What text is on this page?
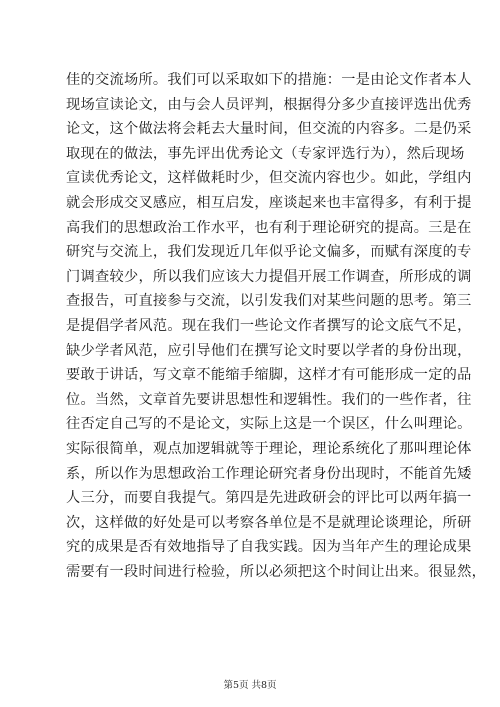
佳的交流场所。我们可以采取如下的措施：一是由论文作者本人
现场宣读论文，由与会人员评判，根据得分多少直接评选出优秀
论文，这个做法将会耗去大量时间，但交流的内容多。二是仍采
取现在的做法，事先评出优秀论文（专家评选行为），然后现场
宣读优秀论文，这样做耗时少，但交流内容也少。如此，学组内
就会形成交叉感应，相互启发，座谈起来也丰富得多，有利于提
高我们的思想政治工作水平，也有利于理论研究的提高。三是在
研究与交流上，我们发现近几年似乎论文偏多，而赋有深度的专
门调查较少，所以我们应该大力提倡开展工作调查，所形成的调
查报告，可直接参与交流，以引发我们对某些问题的思考。第三
是提倡学者风范。现在我们一些论文作者撰写的论文底气不足，
缺少学者风范，应引导他们在撰写论文时要以学者的身份出现，
要敢于讲话，写文章不能缩手缩脚，这样才有可能形成一定的品
位。当然，文章首先要讲思想性和逻辑性。我们的一些作者，往
往否定自己写的不是论文，实际上这是一个误区，什么叫理论。
实际很简单，观点加逻辑就等于理论，理论系统化了那叫理论体
系，所以作为思想政治工作理论研究者身份出现时，不能首先矮
人三分，而要自我提气。第四是先进政研会的评比可以两年搞一
次，这样做的好处是可以考察各单位是不是就理论谈理论，所研
究的成果是否有效地指导了自我实践。因为当年产生的理论成果
需要有一段时间进行检验，所以必须把这个时间让出来。很显然，
第5页 共8页
